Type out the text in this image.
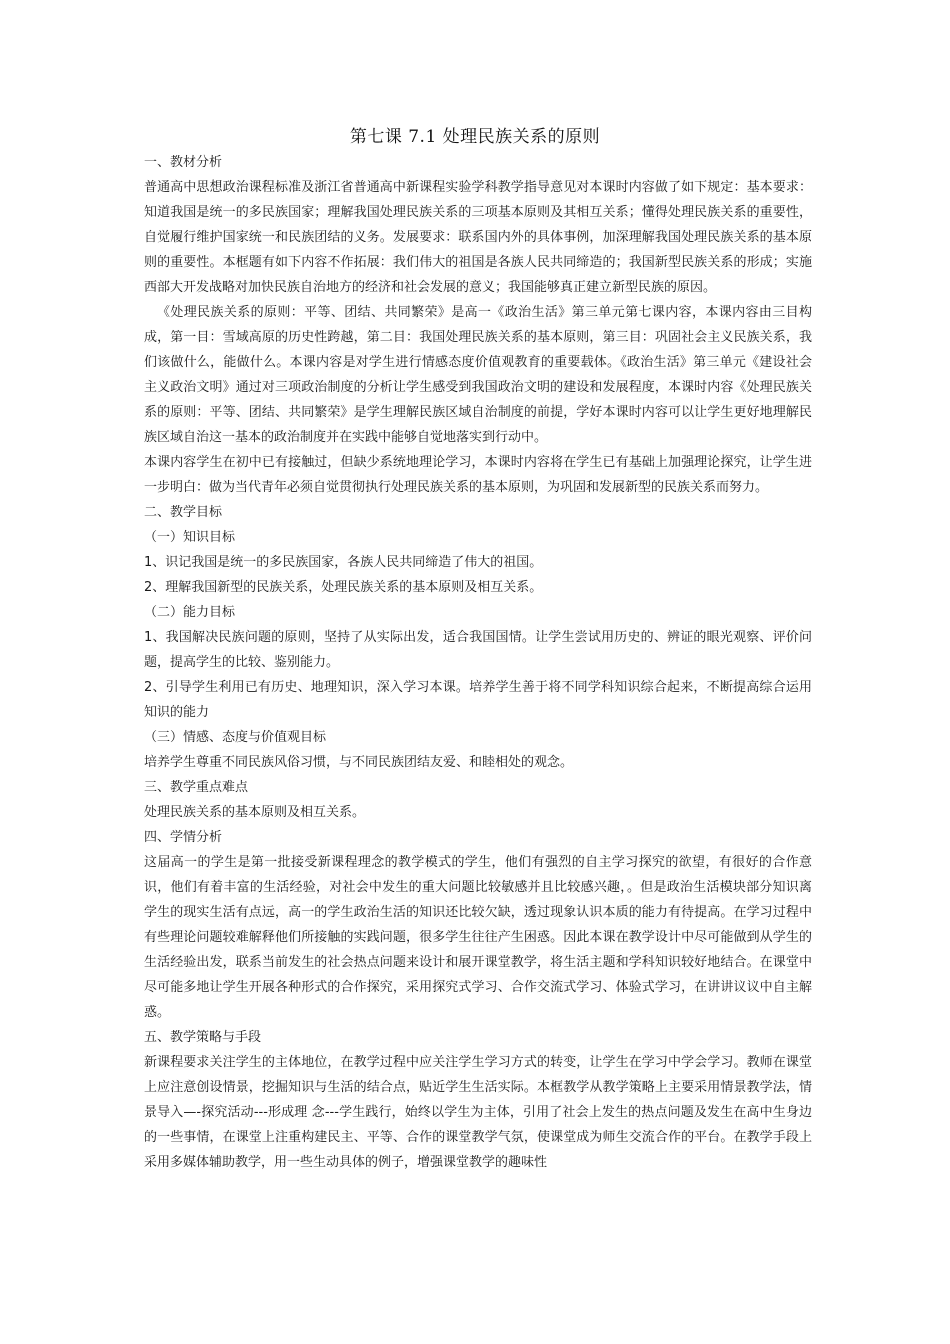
第七课 7.1 处理民族关系的原则

一、教材分析

普通高中思想政治课程标准及浙江省普通高中新课程实验学科教学指导意见对本课时内容做了如下规定：基本要求：知道我国是统一的多民族国家；理解我国处理民族关系的三项基本原则及其相互关系；懂得处理民族关系的重要性，自觉履行维护国家统一和民族团结的义务。发展要求：联系国内外的具体事例，加深理解我国处理民族关系的基本原则的重要性。本框题有如下内容不作拓展：我们伟大的祖国是各族人民共同缔造的；我国新型民族关系的形成；实施西部大开发战略对加快民族自治地方的经济和社会发展的意义；我国能够真正建立新型民族的原因。

《处理民族关系的原则：平等、团结、共同繁荣》是高一《政治生活》第三单元第七课内容，本课内容由三目构成，第一目：雪域高原的历史性跨越，第二目：我国处理民族关系的基本原则，第三目：巩固社会主义民族关系，我们该做什么，能做什么。本课内容是对学生进行情感态度价值观教育的重要载体。《政治生活》第三单元《建设社会主义政治文明》通过对三项政治制度的分析让学生感受到我国政治文明的建设和发展程度，本课时内容《处理民族关系的原则：平等、团结、共同繁荣》是学生理解民族区域自治制度的前提，学好本课时内容可以让学生更好地理解民族区域自治这一基本的政治制度并在实践中能够自觉地落实到行动中。

本课内容学生在初中已有接触过，但缺少系统地理论学习，本课时内容将在学生已有基础上加强理论探究，让学生进一步明白：做为当代青年必须自觉贯彻执行处理民族关系的基本原则，为巩固和发展新型的民族关系而努力。

二、教学目标

（一）知识目标

1、识记我国是统一的多民族国家，各族人民共同缔造了伟大的祖国。

2、理解我国新型的民族关系，处理民族关系的基本原则及相互关系。

（二）能力目标

1、我国解决民族问题的原则，坚持了从实际出发，适合我国国情。让学生尝试用历史的、辨证的眼光观察、评价问题，提高学生的比较、鉴别能力。

2、引导学生利用已有历史、地理知识，深入学习本课。培养学生善于将不同学科知识综合起来，不断提高综合运用知识的能力

（三）情感、态度与价值观目标

培养学生尊重不同民族风俗习惯，与不同民族团结友爱、和睦相处的观念。

三、教学重点难点

处理民族关系的基本原则及相互关系。

四、学情分析

这届高一的学生是第一批接受新课程理念的教学模式的学生，他们有强烈的自主学习探究的欲望，有很好的合作意识，他们有着丰富的生活经验，对社会中发生的重大问题比较敏感并且比较感兴趣，。但是政治生活模块部分知识离学生的现实生活有点远，高一的学生政治生活的知识还比较欠缺，透过现象认识本质的能力有待提高。在学习过程中有些理论问题较难解释他们所接触的实践问题，很多学生往往产生困惑。因此本课在教学设计中尽可能做到从学生的生活经验出发，联系当前发生的社会热点问题来设计和展开课堂教学，将生活主题和学科知识较好地结合。在课堂中尽可能多地让学生开展各种形式的合作探究，采用探究式学习、合作交流式学习、体验式学习，在讲讲议议中自主解惑。

五、教学策略与手段

新课程要求关注学生的主体地位，在教学过程中应关注学生学习方式的转变，让学生在学习中学会学习。教师在课堂上应注意创设情景，挖掘知识与生活的结合点，贴近学生生活实际。本框教学从教学策略上主要采用情景教学法，情景导入—-探究活动---形成理 念---学生践行，始终以学生为主体，引用了社会上发生的热点问题及发生在高中生身边的一些事情，在课堂上注重构建民主、平等、合作的课堂教学气氛，使课堂成为师生交流合作的平台。在教学手段上采用多媒体辅助教学，用一些生动具体的例子，增强课堂教学的趣味性
